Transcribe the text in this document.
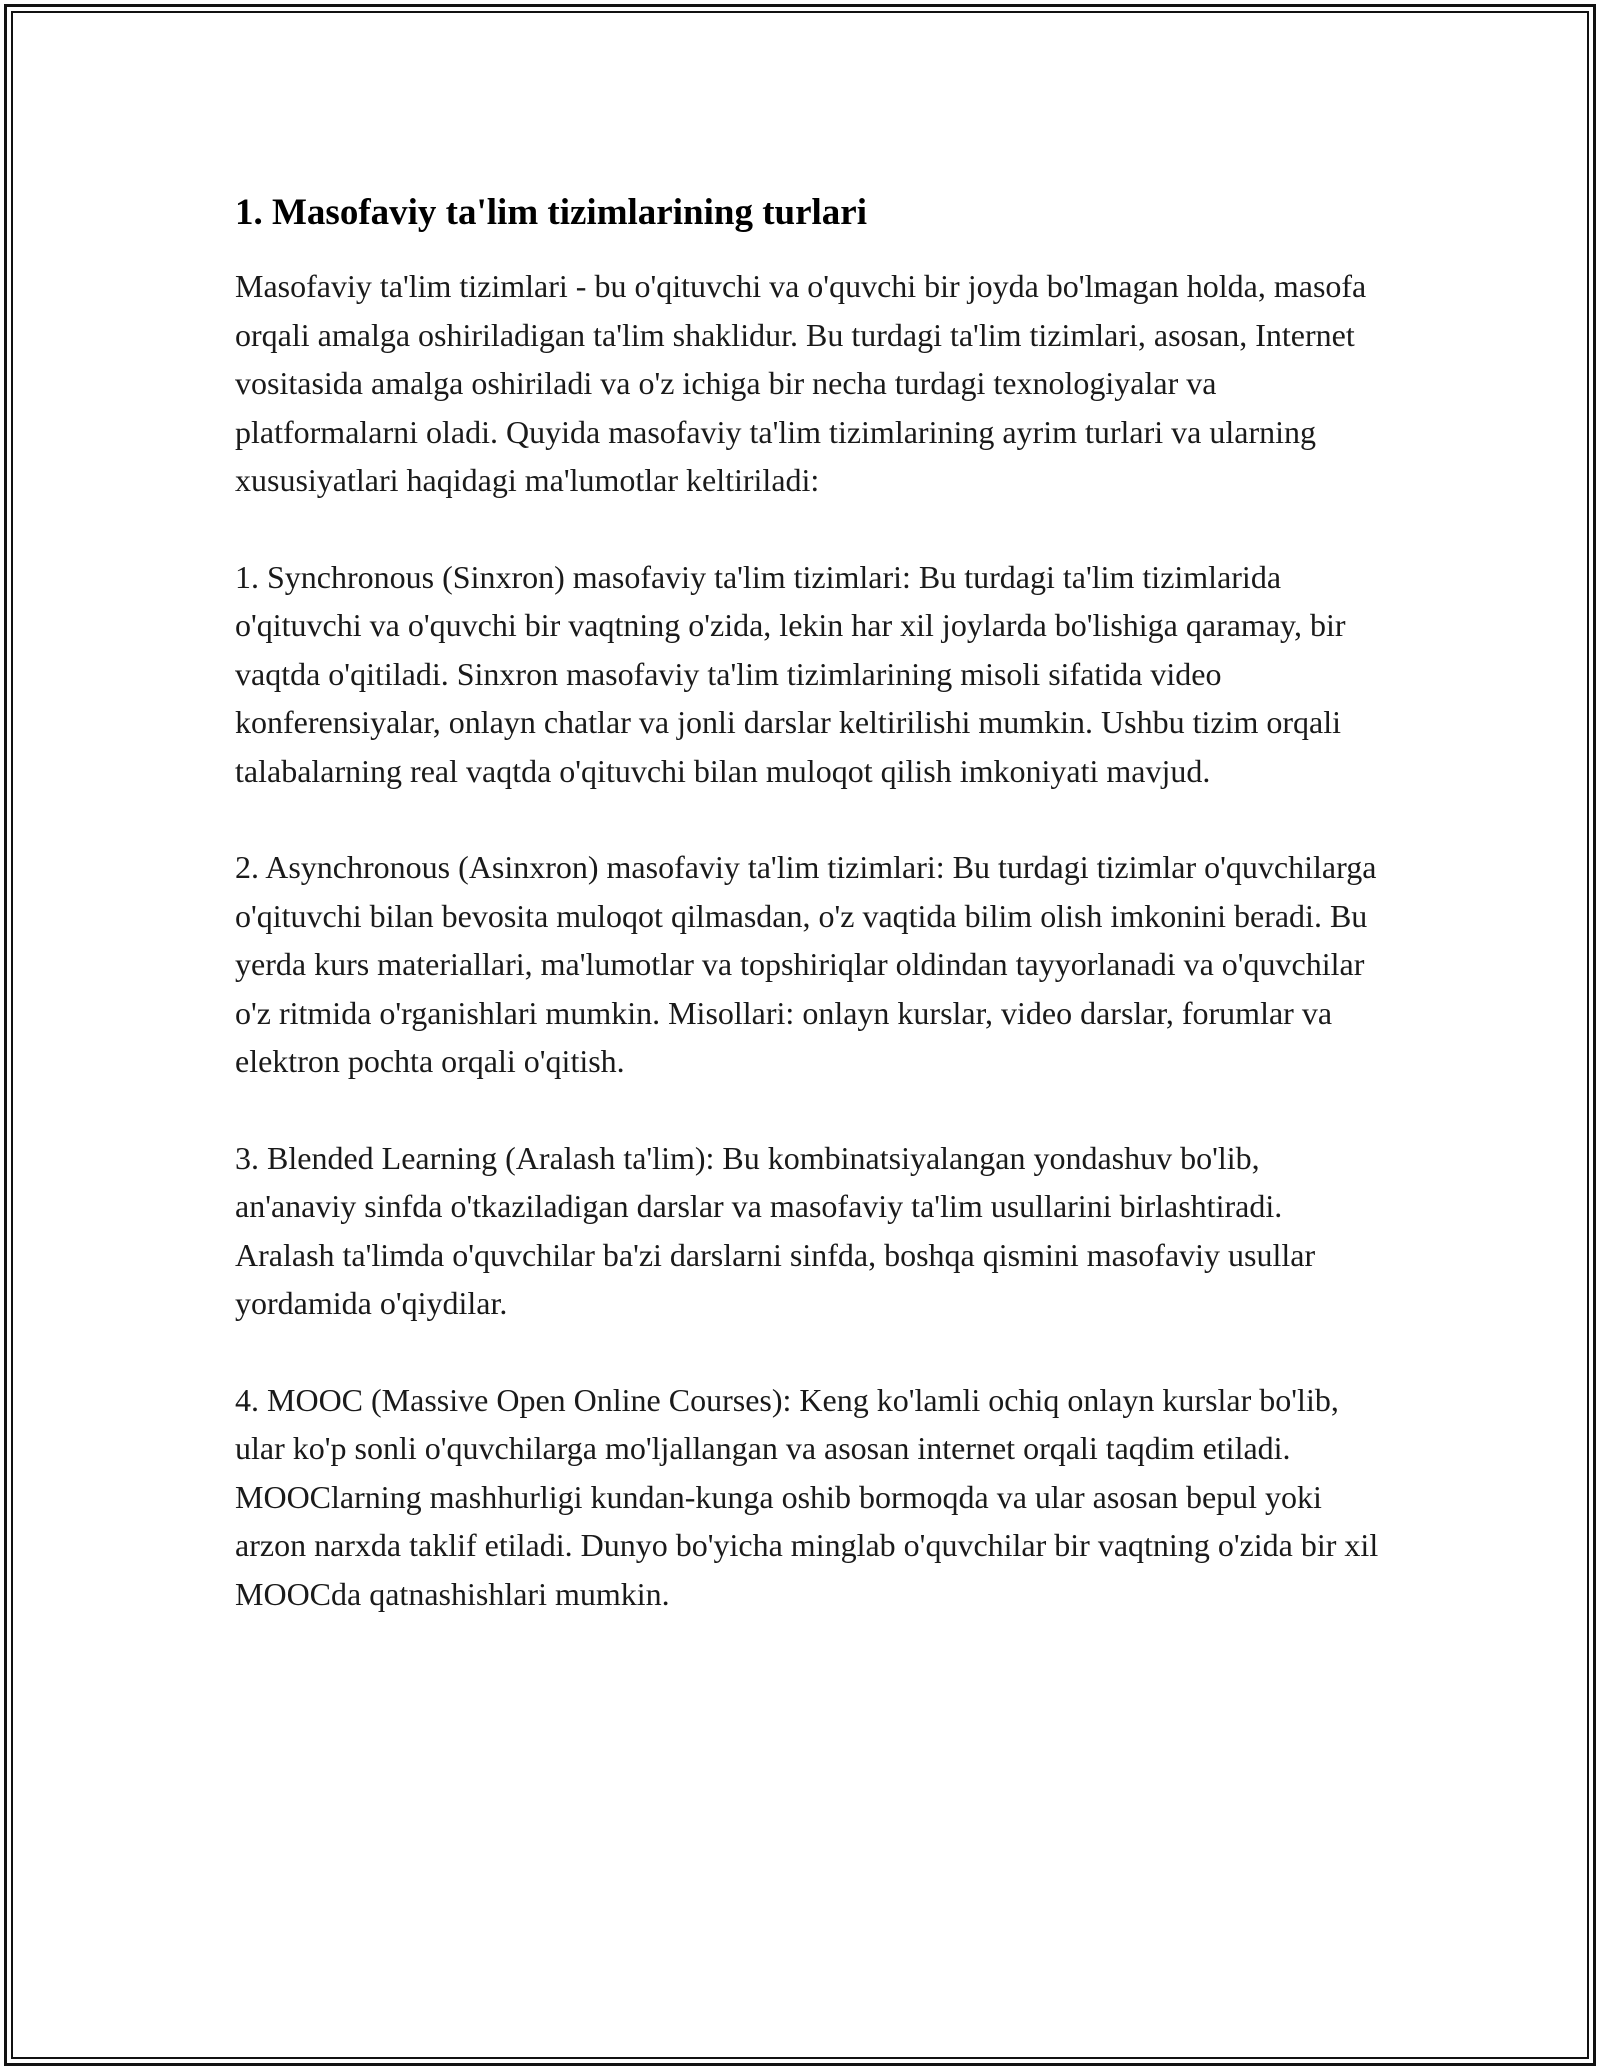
1. Masofaviy ta'lim tizimlarining turlari

Masofaviy ta'lim tizimlari - bu o'qituvchi va o'quvchi bir joyda bo'lmagan holda, masofa orqali amalga oshiriladigan ta'lim shaklidur. Bu turdagi ta'lim tizimlari, asosan, Internet vositasida amalga oshiriladi va o'z ichiga bir necha turdagi texnologiyalar va platformalarni oladi. Quyida masofaviy ta'lim tizimlarining ayrim turlari va ularning xususiyatlari haqidagi ma'lumotlar keltiriladi:

1. Synchronous (Sinxron) masofaviy ta'lim tizimlari: Bu turdagi ta'lim tizimlarida o'qituvchi va o'quvchi bir vaqtning o'zida, lekin har xil joylarda bo'lishiga qaramay, bir vaqtda o'qitiladi. Sinxron masofaviy ta'lim tizimlarining misoli sifatida video konferensiyalar, onlayn chatlar va jonli darslar keltirilishi mumkin. Ushbu tizim orqali talabalarning real vaqtda o'qituvchi bilan muloqot qilish imkoniyati mavjud.

2. Asynchronous (Asinxron) masofaviy ta'lim tizimlari: Bu turdagi tizimlar o'quvchilarga o'qituvchi bilan bevosita muloqot qilmasdan, o'z vaqtida bilim olish imkonini beradi. Bu yerda kurs materiallari, ma'lumotlar va topshiriqlar oldindan tayyorlanadi va o'quvchilar o'z ritmida o'rganishlari mumkin. Misollari: onlayn kurslar, video darslar, forumlar va elektron pochta orqali o'qitish.

3. Blended Learning (Aralash ta'lim): Bu kombinatsiyalangan yondashuv bo'lib, an'anaviy sinfda o'tkaziladigan darslar va masofaviy ta'lim usullarini birlashtiradi. Aralash ta'limda o'quvchilar ba'zi darslarni sinfda, boshqa qismini masofaviy usullar yordamida o'qiydilar.

4. MOOC (Massive Open Online Courses): Keng ko'lamli ochiq onlayn kurslar bo'lib, ular ko'p sonli o'quvchilarga mo'ljallangan va asosan internet orqali taqdim etiladi. MOOClarning mashhurligi kundan-kunga oshib bormoqda va ular asosan bepul yoki arzon narxda taklif etiladi. Dunyo bo'yicha minglab o'quvchilar bir vaqtning o'zida bir xil MOOCda qatnashishlari mumkin.
